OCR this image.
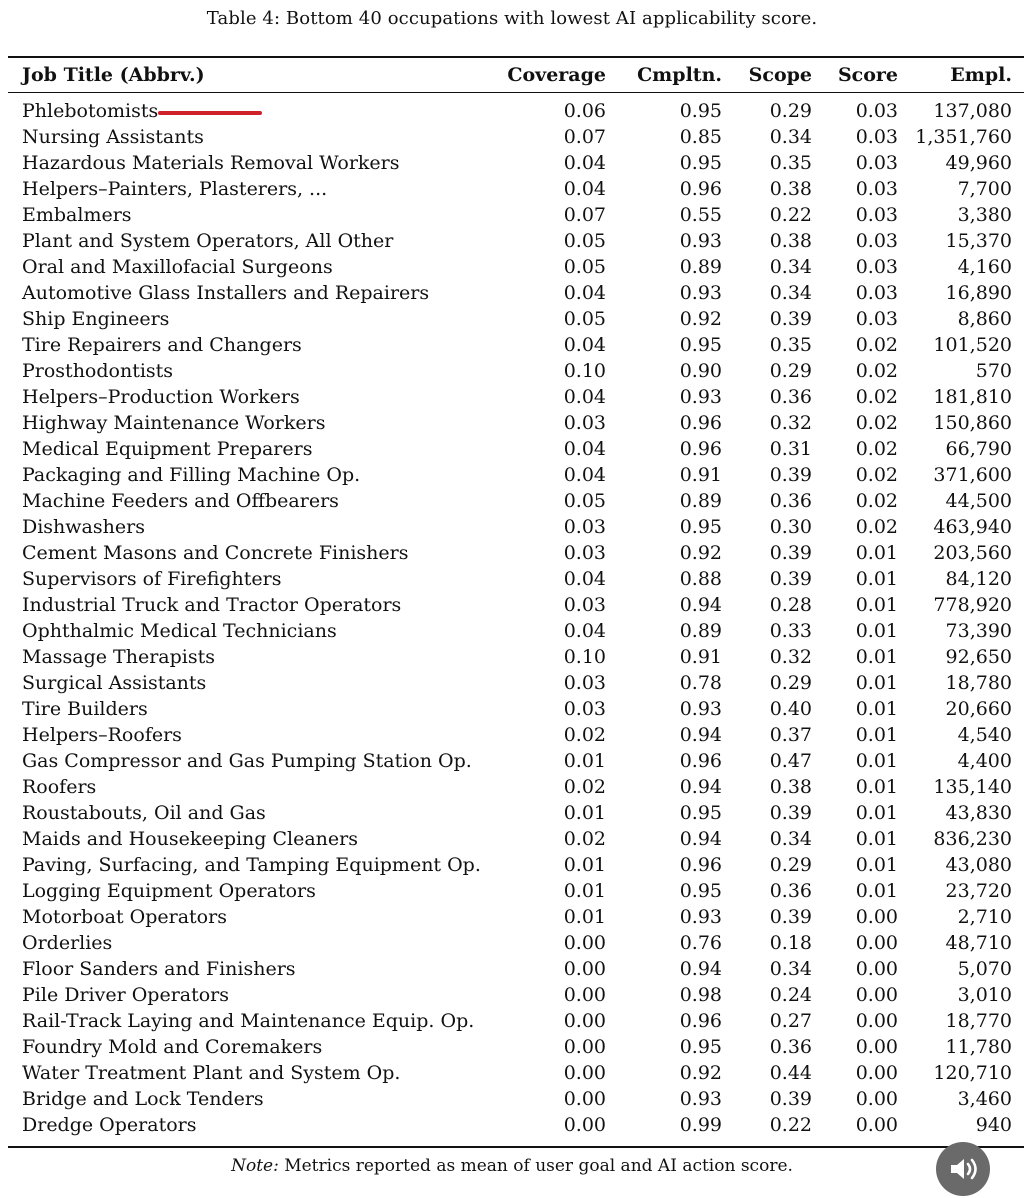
Table 4: Bottom 40 occupations with lowest AI applicability score.
Job Title (Abbrv.)	Coverage	Cmpltn.	Scope	Score	Empl.

Phlebotomists	0.06	0.95	0.29	0.03	137,080
Nursing Assistants	0.07	0.85	0.34	0.03	1,351,760
Hazardous Materials Removal Workers	0.04	0.95	0.35	0.03	49,960
Helpers–Painters, Plasterers, ...	0.04	0.96	0.38	0.03	7,700
Embalmers	0.07	0.55	0.22	0.03	3,380
Plant and System Operators, All Other	0.05	0.93	0.38	0.03	15,370
Oral and Maxillofacial Surgeons	0.05	0.89	0.34	0.03	4,160
Automotive Glass Installers and Repairers	0.04	0.93	0.34	0.03	16,890
Ship Engineers	0.05	0.92	0.39	0.03	8,860
Tire Repairers and Changers	0.04	0.95	0.35	0.02	101,520
Prosthodontists	0.10	0.90	0.29	0.02	570
Helpers–Production Workers	0.04	0.93	0.36	0.02	181,810
Highway Maintenance Workers	0.03	0.96	0.32	0.02	150,860
Medical Equipment Preparers	0.04	0.96	0.31	0.02	66,790
Packaging and Filling Machine Op.	0.04	0.91	0.39	0.02	371,600
Machine Feeders and Offbearers	0.05	0.89	0.36	0.02	44,500
Dishwashers	0.03	0.95	0.30	0.02	463,940
Cement Masons and Concrete Finishers	0.03	0.92	0.39	0.01	203,560
Supervisors of Firefighters	0.04	0.88	0.39	0.01	84,120
Industrial Truck and Tractor Operators	0.03	0.94	0.28	0.01	778,920
Ophthalmic Medical Technicians	0.04	0.89	0.33	0.01	73,390
Massage Therapists	0.10	0.91	0.32	0.01	92,650
Surgical Assistants	0.03	0.78	0.29	0.01	18,780
Tire Builders	0.03	0.93	0.40	0.01	20,660
Helpers–Roofers	0.02	0.94	0.37	0.01	4,540
Gas Compressor and Gas Pumping Station Op.	0.01	0.96	0.47	0.01	4,400
Roofers	0.02	0.94	0.38	0.01	135,140
Roustabouts, Oil and Gas	0.01	0.95	0.39	0.01	43,830
Maids and Housekeeping Cleaners	0.02	0.94	0.34	0.01	836,230
Paving, Surfacing, and Tamping Equipment Op.	0.01	0.96	0.29	0.01	43,080
Logging Equipment Operators	0.01	0.95	0.36	0.01	23,720
Motorboat Operators	0.01	0.93	0.39	0.00	2,710
Orderlies	0.00	0.76	0.18	0.00	48,710
Floor Sanders and Finishers	0.00	0.94	0.34	0.00	5,070
Pile Driver Operators	0.00	0.98	0.24	0.00	3,010
Rail-Track Laying and Maintenance Equip. Op.	0.00	0.96	0.27	0.00	18,770
Foundry Mold and Coremakers	0.00	0.95	0.36	0.00	11,780
Water Treatment Plant and System Op.	0.00	0.92	0.44	0.00	120,710
Bridge and Lock Tenders	0.00	0.93	0.39	0.00	3,460
Dredge Operators	0.00	0.99	0.22	0.00	940
Note: Metrics reported as mean of user goal and AI action score.
